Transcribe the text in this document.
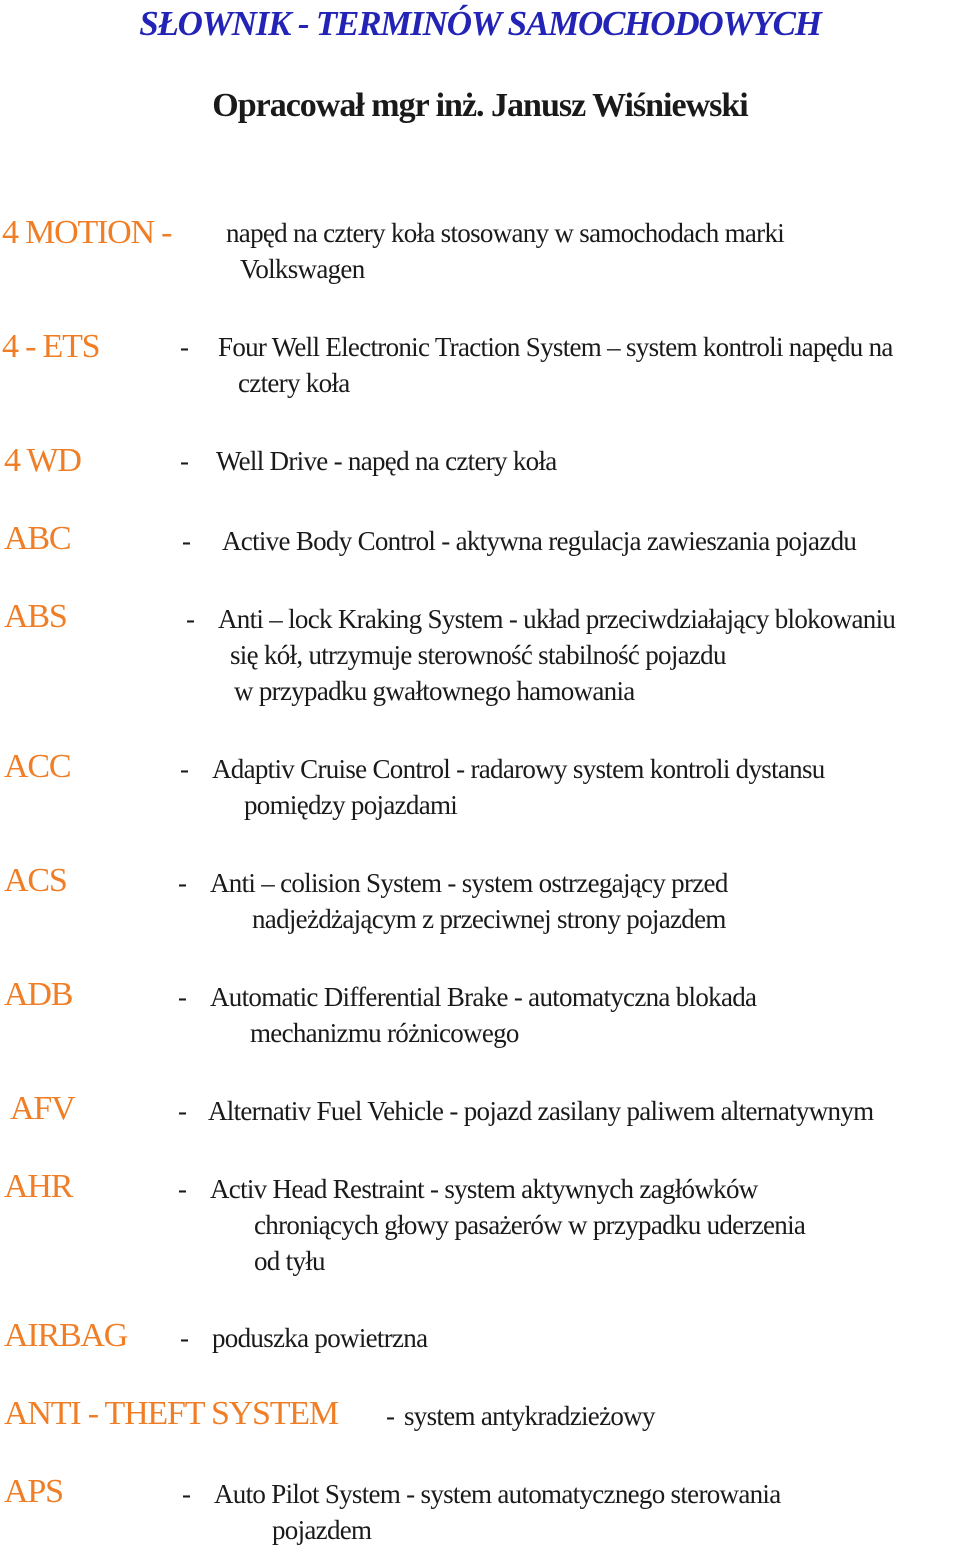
SŁOWNIK - TERMINÓW SAMOCHODOWYCH
Opracował mgr inż. Janusz Wiśniewski
4 MOTION - napęd na cztery koła stosowany w samochodach marki
Volkswagen
4 - ETS	- Four Well Electronic Traction System – system kontroli napędu na
cztery koła
4 WD	- Well Drive - napęd na cztery koła
ABC	- Active Body Control - aktywna regulacja zawieszania pojazdu
ABS	- Anti – lock Kraking System - układ przeciwdziałający blokowaniu
się kół, utrzymuje sterowność stabilność pojazdu
w przypadku gwałtownego hamowania
ACC	- Adaptiv Cruise Control - radarowy system kontroli dystansu
pomiędzy pojazdami
ACS	- Anti – colision System - system ostrzegający przed
nadjeżdżającym z przeciwnej strony pojazdem
ADB	- Automatic Differential Brake - automatyczna blokada
mechanizmu różnicowego
AFV	- Alternativ Fuel Vehicle - pojazd zasilany paliwem alternatywnym
AHR	- Activ Head Restraint - system aktywnych zagłówków
chroniących głowy pasażerów w przypadku uderzenia
od tyłu
AIRBAG - poduszka powietrzna
ANTI - THEFT SYSTEM - system antykradzieżowy
APS	- Auto Pilot System - system automatycznego sterowania
pojazdem
